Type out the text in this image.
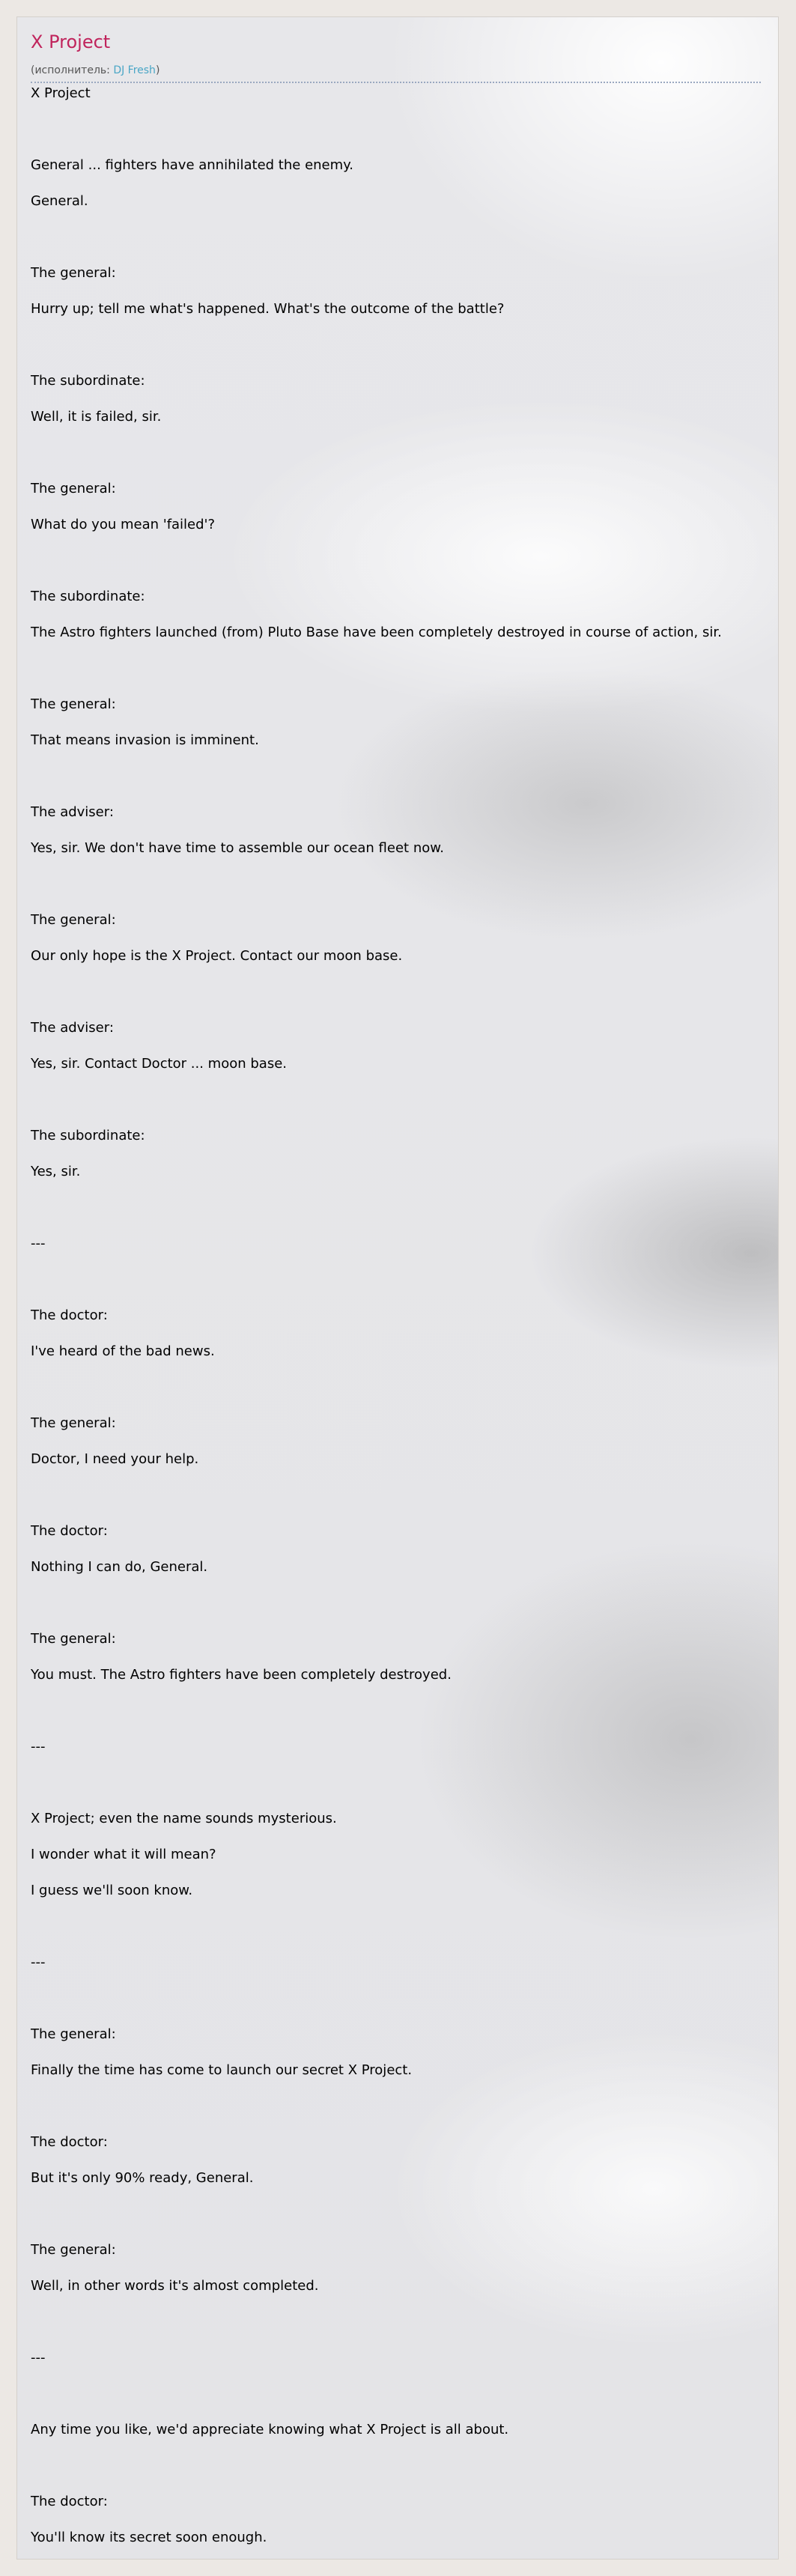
X Project
(исполнитель: DJ Fresh)
X Project
General ... fighters have annihilated the enemy.
General.
The general:
Hurry up; tell me what's happened. What's the outcome of the battle?
The subordinate:
Well, it is failed, sir.
The general:
What do you mean 'failed'?
The subordinate:
The Astro fighters launched (from) Pluto Base have been completely destroyed in course of action, sir.
The general:
That means invasion is imminent.
The adviser:
Yes, sir. We don't have time to assemble our ocean fleet now.
The general:
Our only hope is the X Project. Contact our moon base.
The adviser:
Yes, sir. Contact Doctor ... moon base.
The subordinate:
Yes, sir.
---
The doctor:
I've heard of the bad news.
The general:
Doctor, I need your help.
The doctor:
Nothing I can do, General.
The general:
You must. The Astro fighters have been completely destroyed.
---
X Project; even the name sounds mysterious.
I wonder what it will mean?
I guess we'll soon know.
---
The general:
Finally the time has come to launch our secret X Project.
The doctor:
But it's only 90% ready, General.
The general:
Well, in other words it's almost completed.
---
Any time you like, we'd appreciate knowing what X Project is all about.
The doctor:
You'll know its secret soon enough.
